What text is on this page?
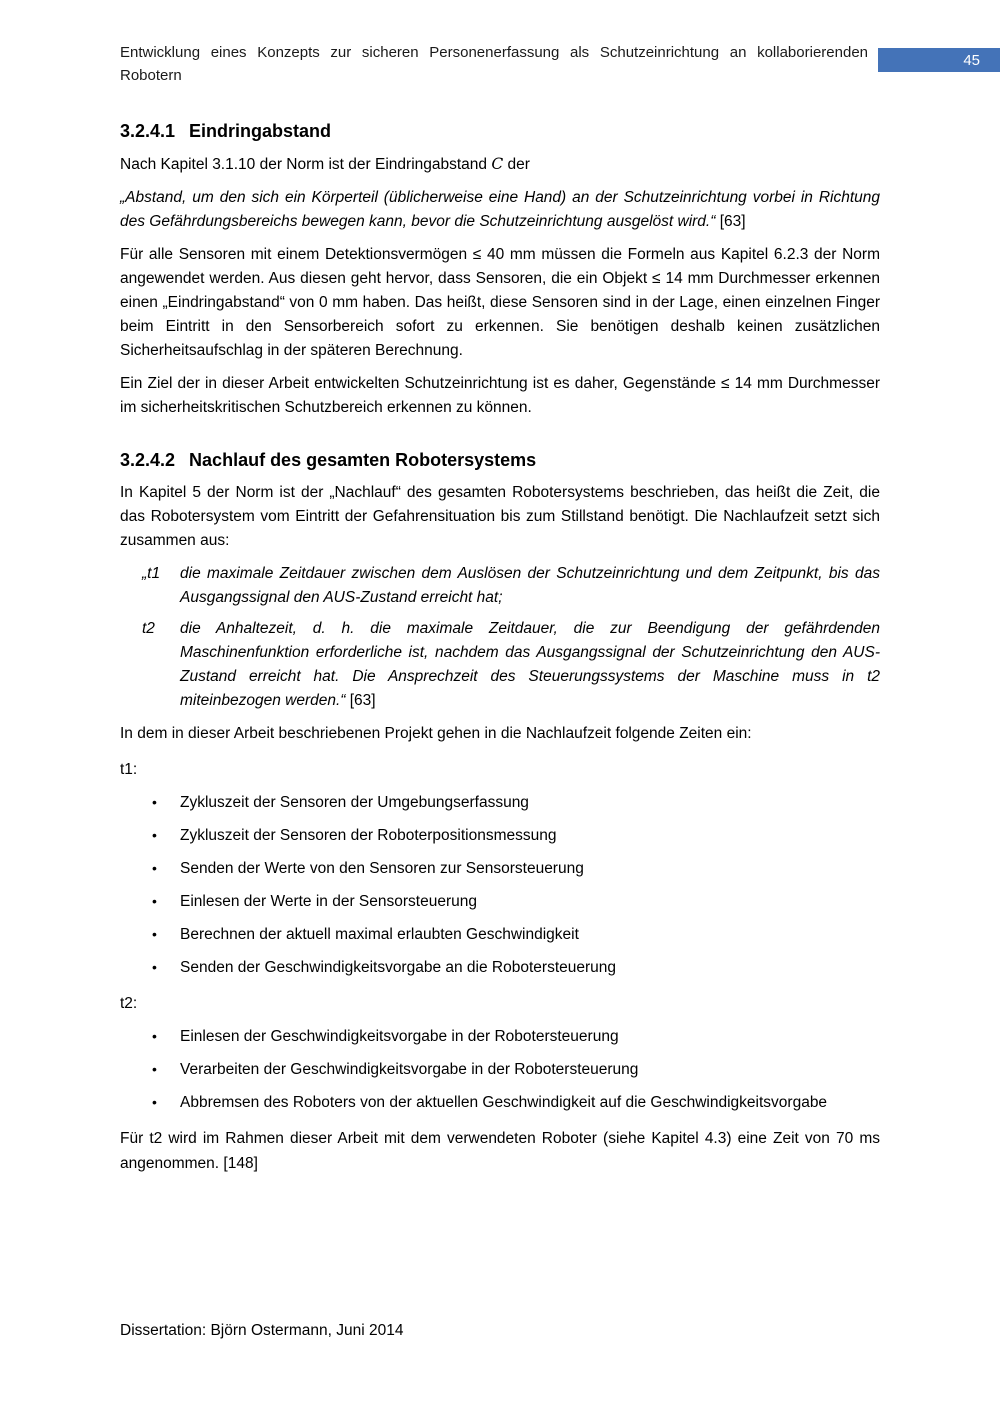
Entwicklung eines Konzepts zur sicheren Personenerfassung als Schutzeinrichtung an kollaborierenden Robotern
45
3.2.4.1 Eindringabstand

Nach Kapitel 3.1.10 der Norm ist der Eindringabstand C der

„Abstand, um den sich ein Körperteil (üblicherweise eine Hand) an der Schutzeinrichtung vorbei in Richtung des Gefährdungsbereichs bewegen kann, bevor die Schutzeinrichtung ausgelöst wird.“ [63]

Für alle Sensoren mit einem Detektionsvermögen ≤ 40 mm müssen die Formeln aus Kapitel 6.2.3 der Norm angewendet werden. Aus diesen geht hervor, dass Sensoren, die ein Objekt ≤ 14 mm Durchmesser erkennen einen „Eindringabstand“ von 0 mm haben. Das heißt, diese Sensoren sind in der Lage, einen einzelnen Finger beim Eintritt in den Sensorbereich sofort zu erkennen. Sie benötigen deshalb keinen zusätzlichen Sicherheitsaufschlag in der späteren Berechnung.

Ein Ziel der in dieser Arbeit entwickelten Schutzeinrichtung ist es daher, Gegenstände ≤ 14 mm Durchmesser im sicherheitskritischen Schutzbereich erkennen zu können.

3.2.4.2 Nachlauf des gesamten Robotersystems

In Kapitel 5 der Norm ist der „Nachlauf“ des gesamten Robotersystems beschrieben, das heißt die Zeit, die das Robotersystem vom Eintritt der Gefahrensituation bis zum Stillstand benötigt. Die Nachlaufzeit setzt sich zusammen aus:

„t1	die maximale Zeitdauer zwischen dem Auslösen der Schutzeinrichtung und dem Zeitpunkt, bis das Ausgangssignal den AUS-Zustand erreicht hat;
t2	die Anhaltezeit, d. h. die maximale Zeitdauer, die zur Beendigung der gefährdenden Maschinenfunktion erforderliche ist, nachdem das Ausgangssignal der Schutzeinrichtung den AUS-Zustand erreicht hat. Die Ansprechzeit des Steuerungssystems der Maschine muss in t2 miteinbezogen werden.“ [63]

In dem in dieser Arbeit beschriebenen Projekt gehen in die Nachlaufzeit folgende Zeiten ein:

t1:
•	Zykluszeit der Sensoren der Umgebungserfassung
•	Zykluszeit der Sensoren der Roboterpositionsmessung
•	Senden der Werte von den Sensoren zur Sensorsteuerung
•	Einlesen der Werte in der Sensorsteuerung
•	Berechnen der aktuell maximal erlaubten Geschwindigkeit
•	Senden der Geschwindigkeitsvorgabe an die Robotersteuerung
t2:
•	Einlesen der Geschwindigkeitsvorgabe in der Robotersteuerung
•	Verarbeiten der Geschwindigkeitsvorgabe in der Robotersteuerung
•	Abbremsen des Roboters von der aktuellen Geschwindigkeit auf die Geschwindigkeitsvorgabe

Für t2 wird im Rahmen dieser Arbeit mit dem verwendeten Roboter (siehe Kapitel 4.3) eine Zeit von 70 ms angenommen. [148]

Dissertation: Björn Ostermann, Juni 2014
